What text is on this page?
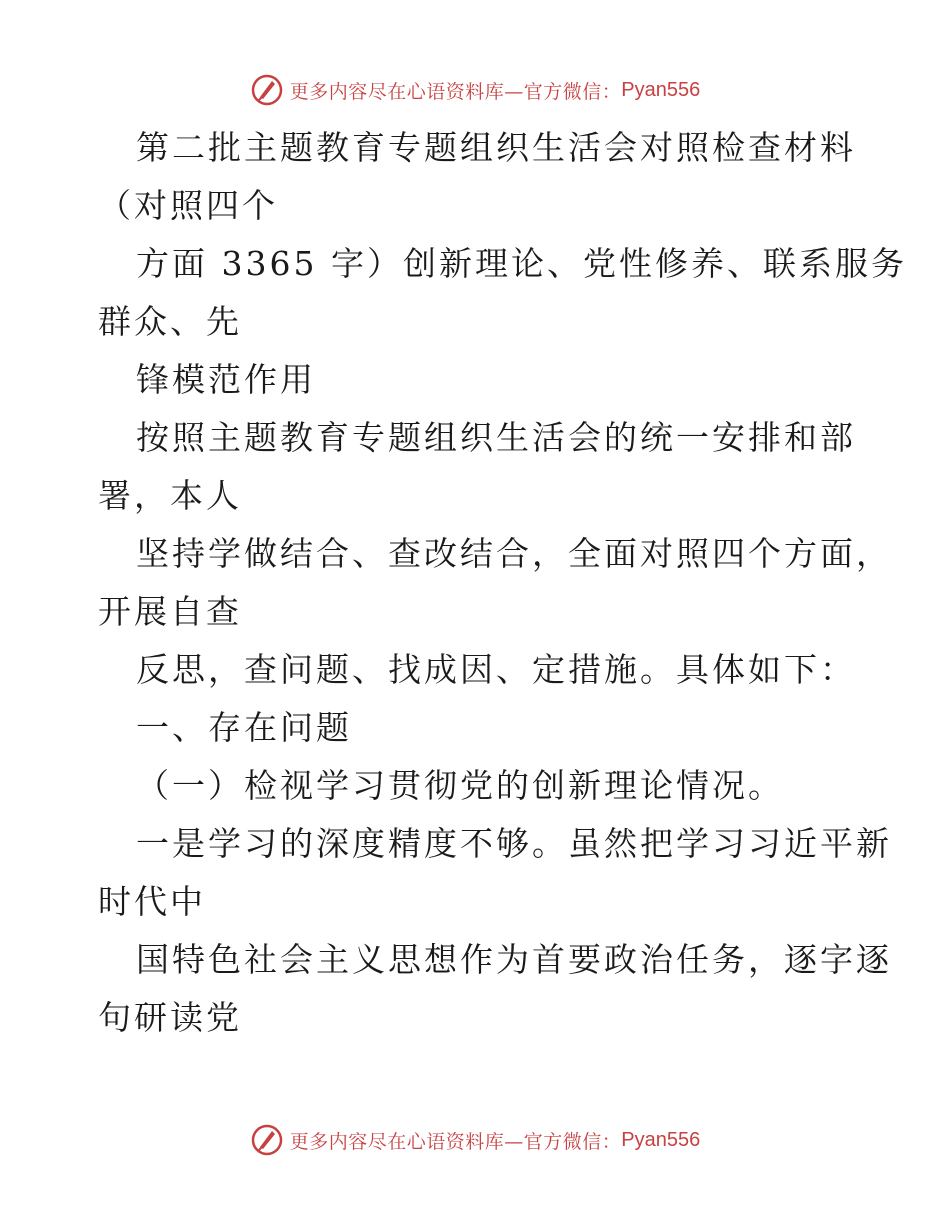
更多内容尽在心语资料库—官方微信： Pyan556
第二批主题教育专题组织生活会对照检查材料
（对照四个
方面 3365 字）创新理论、党性修养、联系服务
群众、先
锋模范作用
按照主题教育专题组织生活会的统一安排和部
署，本人
坚持学做结合、查改结合，全面对照四个方面，
开展自查
反思，查问题、找成因、定措施。具体如下：
一、存在问题
（一）检视学习贯彻党的创新理论情况。
一是学习的深度精度不够。虽然把学习习近平新
时代中
国特色社会主义思想作为首要政治任务，逐字逐
句研读党
更多内容尽在心语资料库—官方微信： Pyan556
